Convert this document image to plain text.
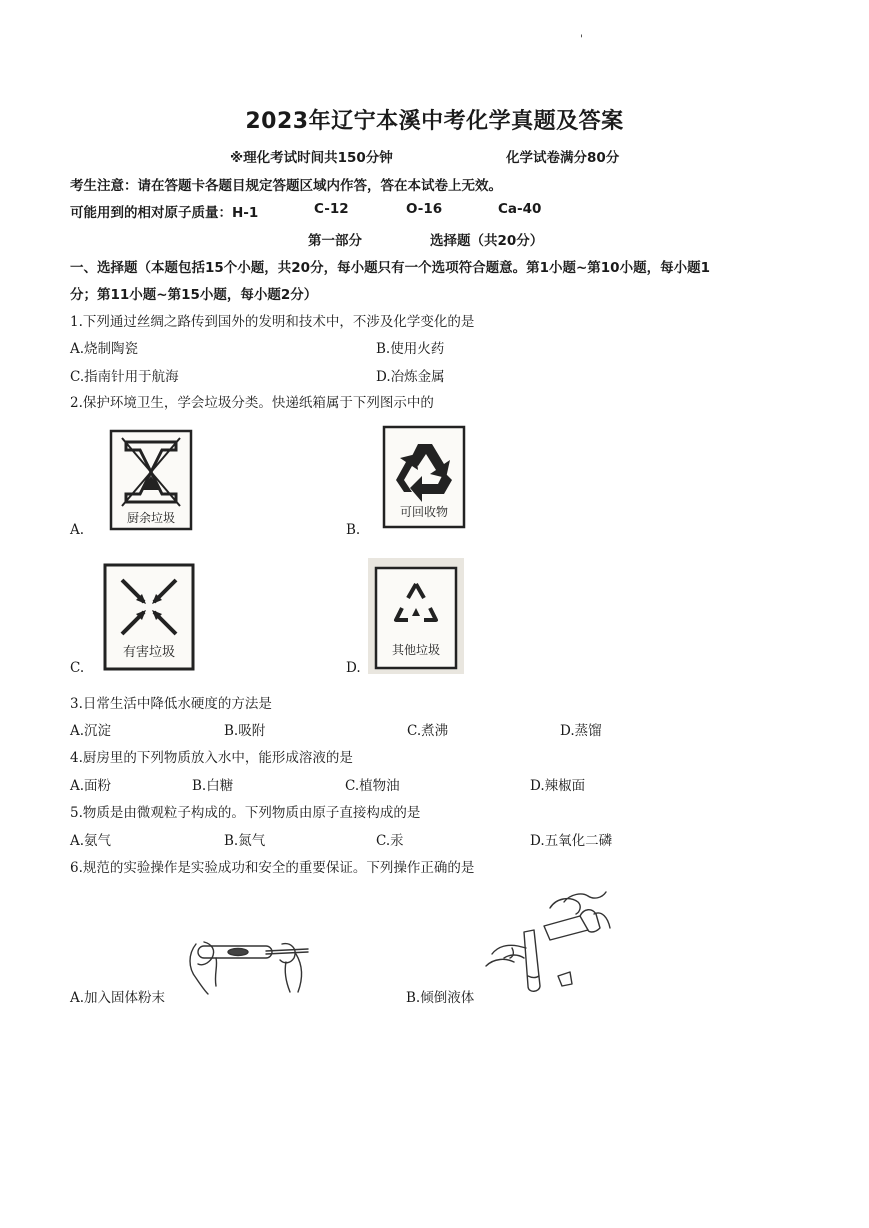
'
2023年辽宁本溪中考化学真题及答案
※理化考试时间共150分钟	化学试卷满分80分
考生注意：请在答题卡各题目规定答题区域内作答，答在本试卷上无效。
可能用到的相对原子质量：H-1	C-12	O-16	Ca-40
第一部分	选择题（共20分）
一、选择题（本题包括15个小题，共20分，每小题只有一个选项符合题意。第1小题~第10小题，每小题1
分；第11小题~第15小题，每小题2分）
1.下列通过丝绸之路传到国外的发明和技术中，不涉及化学变化的是
A.烧制陶瓷	B.使用火药
C.指南针用于航海	D.冶炼金属
2.保护环境卫生，学会垃圾分类。快递纸箱属于下列图示中的
A.
厨余垃圾
B.
可回收物
C.
有害垃圾
D.
其他垃圾
3.日常生活中降低水硬度的方法是
A.沉淀	B.吸附	C.煮沸	D.蒸馏
4.厨房里的下列物质放入水中，能形成溶液的是
A.面粉	B.白糖	C.植物油	D.辣椒面
5.物质是由微观粒子构成的。下列物质由原子直接构成的是
A.氨气	B.氮气	C.汞	D.五氧化二磷
6.规范的实验操作是实验成功和安全的重要保证。下列操作正确的是
A.加入固体粉末	B.倾倒液体
